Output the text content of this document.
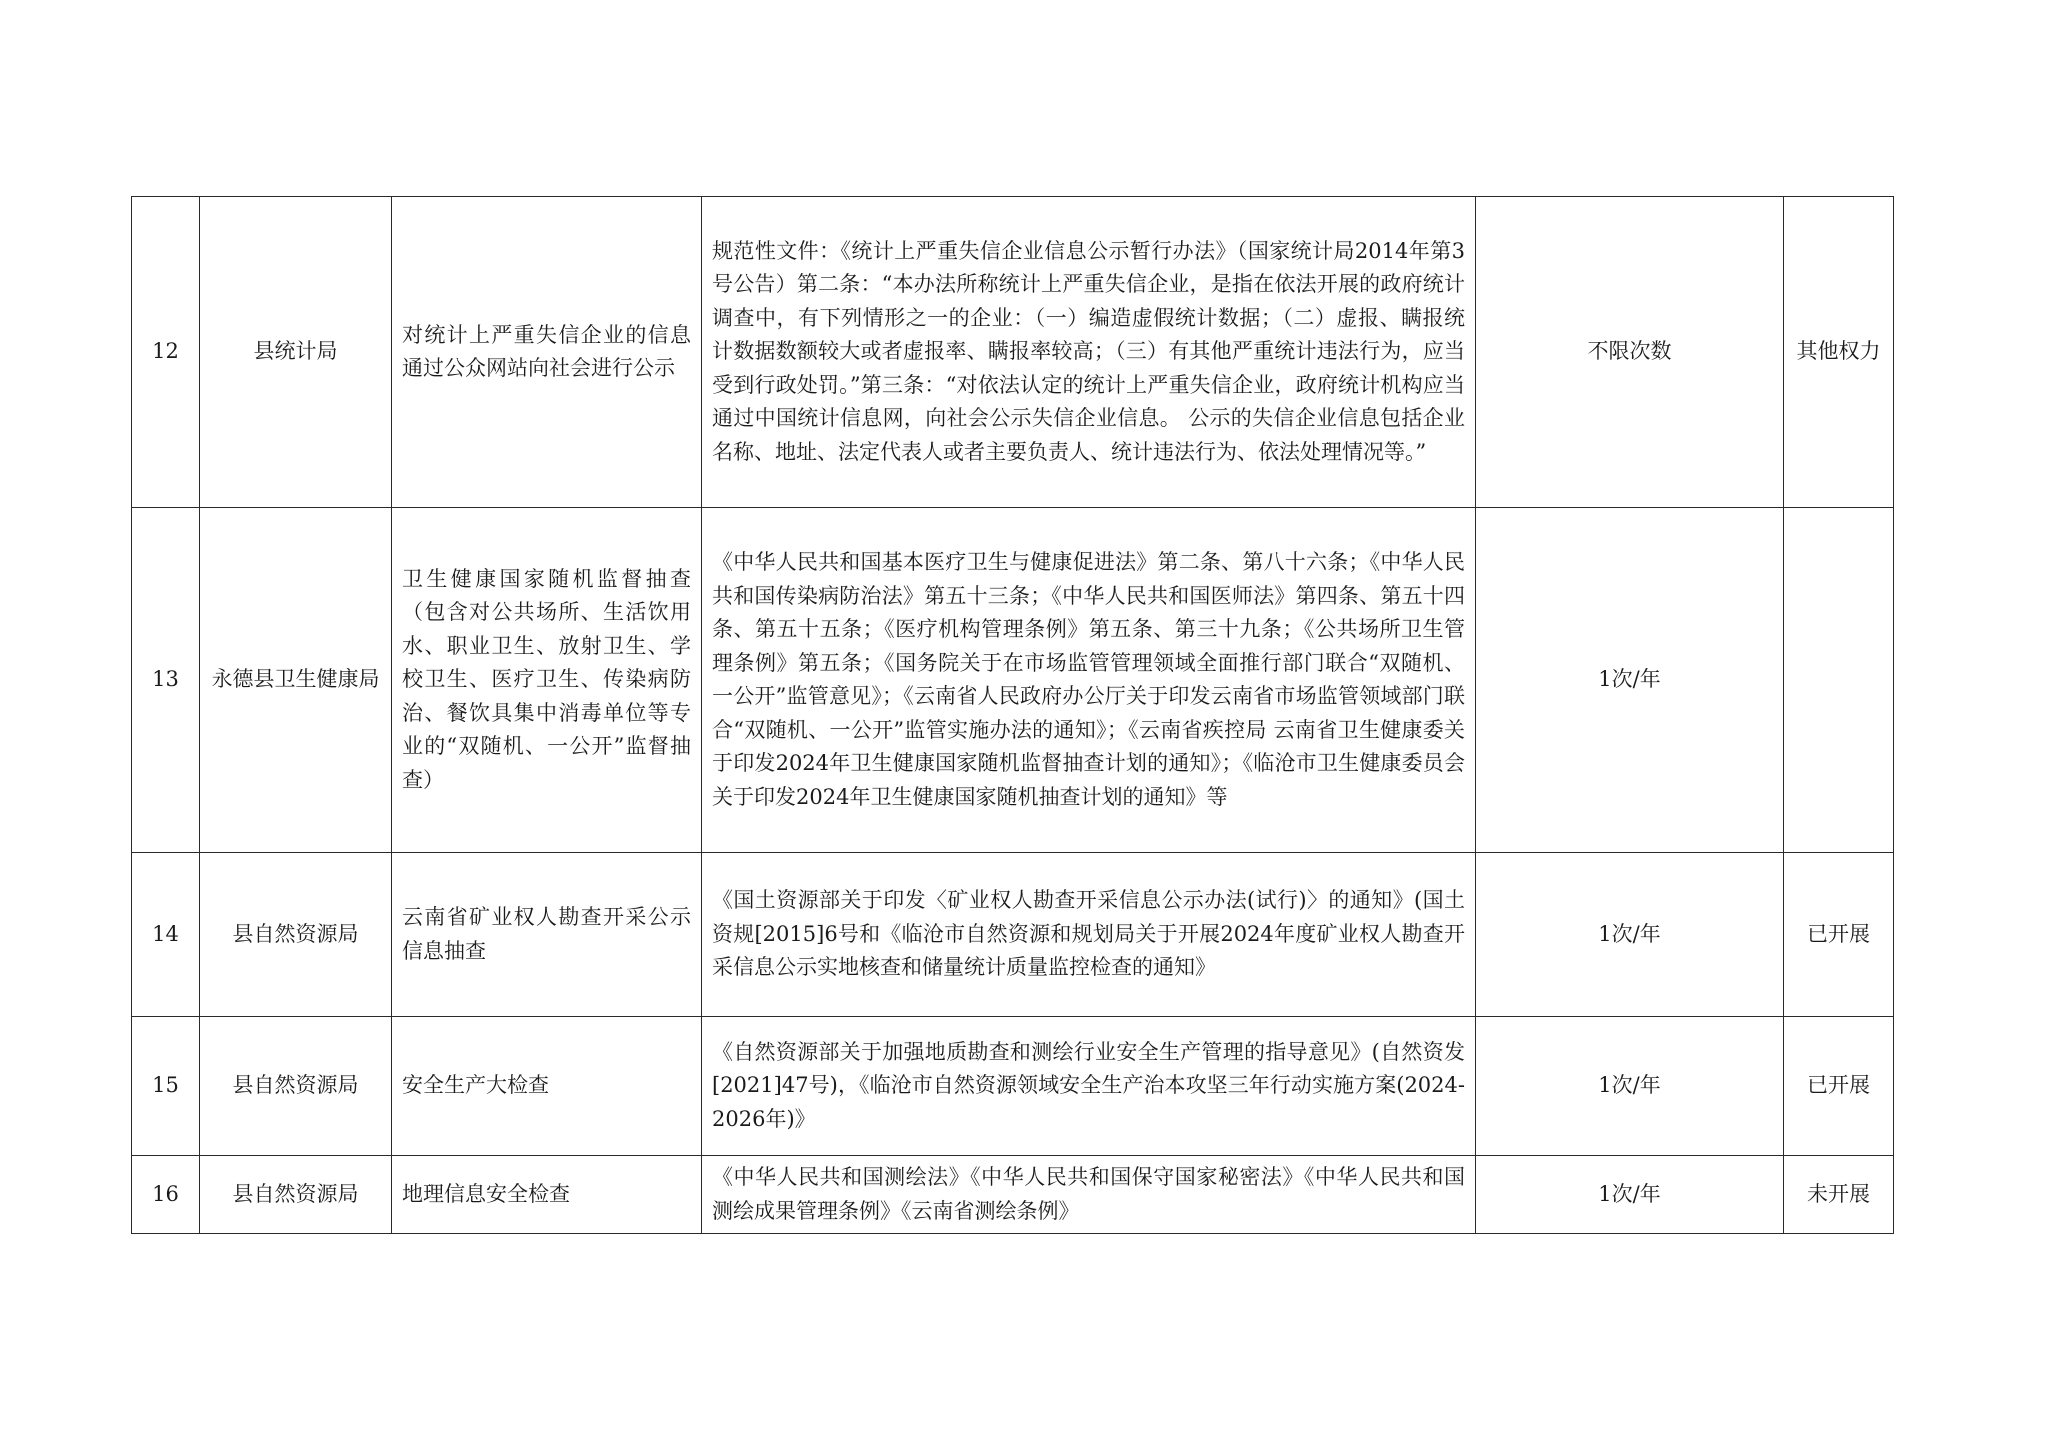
12	县统计局	对统计上严重失信企业的信息通过公众网站向社会进行公示	规范性文件：《统计上严重失信企业信息公示暂行办法》（国家统计局2014年第3号公告）第二条：“本办法所称统计上严重失信企业，是指在依法开展的政府统计调查中，有下列情形之一的企业：（一）编造虚假统计数据；（二）虚报、瞒报统计数据数额较大或者虚报率、瞒报率较高；（三）有其他严重统计违法行为，应当受到行政处罚。”第三条：“对依法认定的统计上严重失信企业，政府统计机构应当通过中国统计信息网，向社会公示失信企业信息。 公示的失信企业信息包括企业名称、地址、法定代表人或者主要负责人、统计违法行为、依法处理情况等。”	不限次数	其他权力
13	永德县卫生健康局	卫生健康国家随机监督抽查（包含对公共场所、生活饮用水、职业卫生、放射卫生、学校卫生、医疗卫生、传染病防治、餐饮具集中消毒单位等专业的“双随机、一公开”监督抽查）	《中华人民共和国基本医疗卫生与健康促进法》第二条、第八十六条；《中华人民共和国传染病防治法》第五十三条；《中华人民共和国医师法》第四条、第五十四条、第五十五条；《医疗机构管理条例》第五条、第三十九条；《公共场所卫生管理条例》第五条；《国务院关于在市场监管管理领域全面推行部门联合“双随机、一公开”监管意见》；《云南省人民政府办公厅关于印发云南省市场监管领域部门联合“双随机、一公开”监管实施办法的通知》；《云南省疾控局 云南省卫生健康委关于印发2024年卫生健康国家随机监督抽查计划的通知》；《临沧市卫生健康委员会关于印发2024年卫生健康国家随机抽查计划的通知》等	1次/年	
14	县自然资源局	云南省矿业权人勘查开采公示信息抽查	《国土资源部关于印发〈矿业权人勘查开采信息公示办法(试行)〉的通知》(国土资规[2015]6号和《临沧市自然资源和规划局关于开展2024年度矿业权人勘查开采信息公示实地核查和储量统计质量监控检查的通知》	1次/年	已开展
15	县自然资源局	安全生产大检查	《自然资源部关于加强地质勘查和测绘行业安全生产管理的指导意见》(自然资发[2021]47号)，《临沧市自然资源领域安全生产治本攻坚三年行动实施方案(2024-2026年)》	1次/年	已开展
16	县自然资源局	地理信息安全检查	《中华人民共和国测绘法》《中华人民共和国保守国家秘密法》《中华人民共和国测绘成果管理条例》《云南省测绘条例》	1次/年	未开展
